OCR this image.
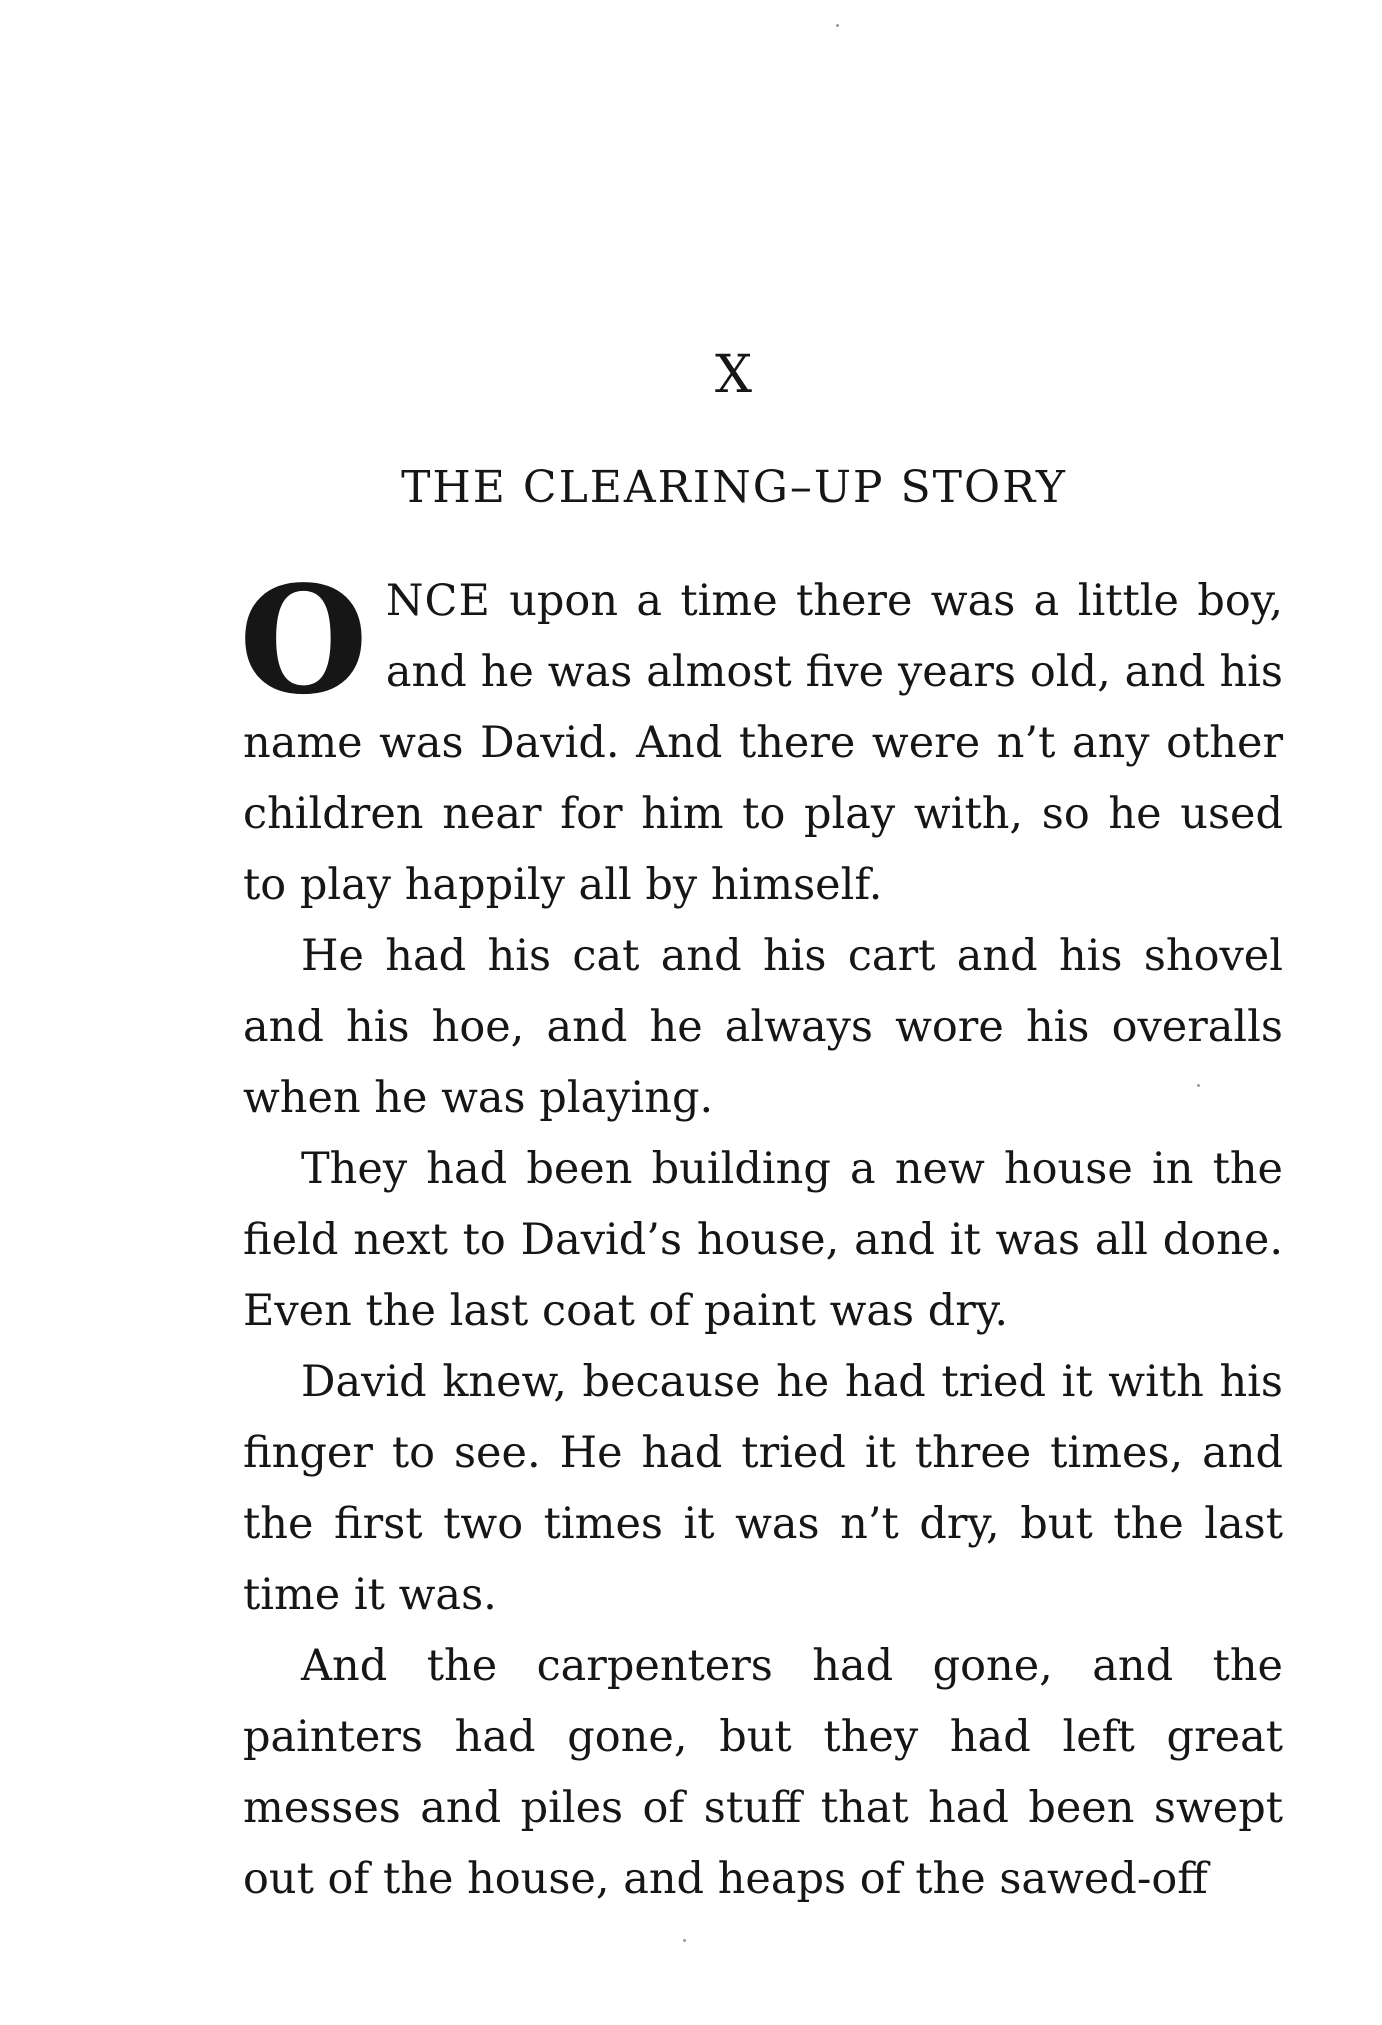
X
THE CLEARING–UP STORY

ONCE upon a time there was a little boy, and he was almost five years old, and his name was David. And there were n’t any other children near for him to play with, so he used to play happily all by himself.

He had his cat and his cart and his shovel and his hoe, and he always wore his overalls when he was playing.

They had been building a new house in the field next to David’s house, and it was all done. Even the last coat of paint was dry.

David knew, because he had tried it with his finger to see. He had tried it three times, and the first two times it was n’t dry, but the last time it was.

And the carpenters had gone, and the painters had gone, but they had left great messes and piles of stuff that had been swept out of the house, and heaps of the sawed-off
